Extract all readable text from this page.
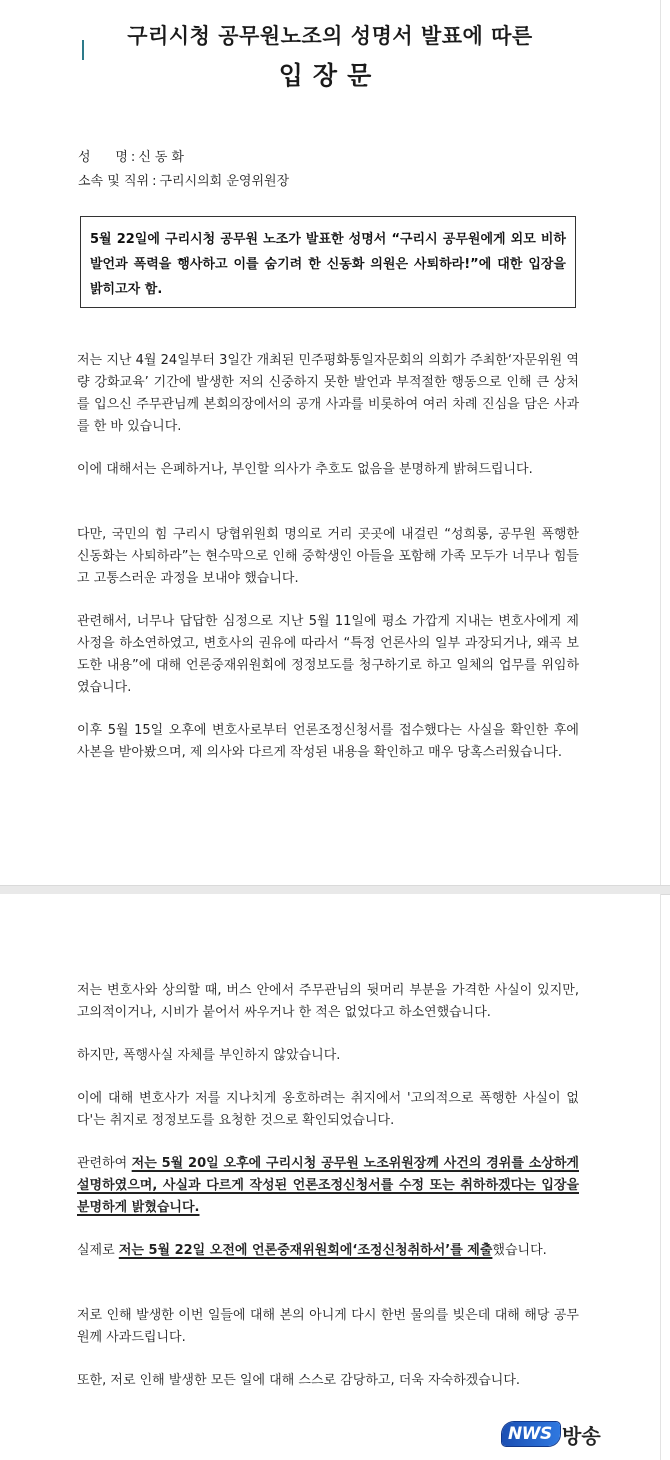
구리시청 공무원노조의 성명서 발표에 따른
입장문
성      명 : 신동화
소속 및 직위 : 구리시의회 운영위원장
5월 22일에 구리시청 공무원 노조가 발표한 성명서 “구리시 공무원에게 외모 비하 발언과 폭력을 행사하고 이를 숨기려 한 신동화 의원은 사퇴하라!”에 대한 입장을 밝히고자 함.
저는 지난 4월 24일부터 3일간 개최된 민주평화통일자문회의 의회가 주최한‘자문위원 역량 강화교육’ 기간에 발생한 저의 신중하지 못한 발언과 부적절한 행동으로 인해 큰 상처를 입으신 주무관님께 본회의장에서의 공개 사과를 비롯하여 여러 차례 진심을 담은 사과를 한 바 있습니다.
이에 대해서는 은폐하거나, 부인할 의사가 추호도 없음을 분명하게 밝혀드립니다.
다만, 국민의 힘 구리시 당협위원회 명의로 거리 곳곳에 내걸린 “성희롱, 공무원 폭행한 신동화는 사퇴하라”는 현수막으로 인해 중학생인 아들을 포함해 가족 모두가 너무나 힘들고 고통스러운 과정을 보내야 했습니다.
관련해서, 너무나 답답한 심정으로 지난 5월 11일에 평소 가깝게 지내는 변호사에게 제 사정을 하소연하였고, 변호사의 권유에 따라서 “특정 언론사의 일부 과장되거나, 왜곡 보도한 내용”에 대해 언론중재위원회에 정정보도를 청구하기로 하고 일체의 업무를 위임하였습니다.
이후 5월 15일 오후에 변호사로부터 언론조정신청서를 접수했다는 사실을 확인한 후에 사본을 받아봤으며, 제 의사와 다르게 작성된 내용을 확인하고 매우 당혹스러웠습니다.
저는 변호사와 상의할 때, 버스 안에서 주무관님의 뒷머리 부분을 가격한 사실이 있지만, 고의적이거나, 시비가 붙어서 싸우거나 한 적은 없었다고 하소연했습니다.
하지만, 폭행사실 자체를 부인하지 않았습니다.
이에 대해 변호사가 저를 지나치게 옹호하려는 취지에서 '고의적으로 폭행한 사실이 없다'는 취지로 정정보도를 요청한 것으로 확인되었습니다.
관련하여 저는 5월 20일 오후에 구리시청 공무원 노조위원장께 사건의 경위를 소상하게 설명하였으며, 사실과 다르게 작성된 언론조정신청서를 수정 또는 취하하겠다는 입장을 분명하게 밝혔습니다.
실제로 저는 5월 22일 오전에 언론중재위원회에‘조정신청취하서’를 제출했습니다.
저로 인해 발생한 이번 일들에 대해 본의 아니게 다시 한번 물의를 빚은데 대해 해당 공무원께 사과드립니다.
또한, 저로 인해 발생한 모든 일에 대해 스스로 감당하고, 더욱 자숙하겠습니다.
NWS 방송
